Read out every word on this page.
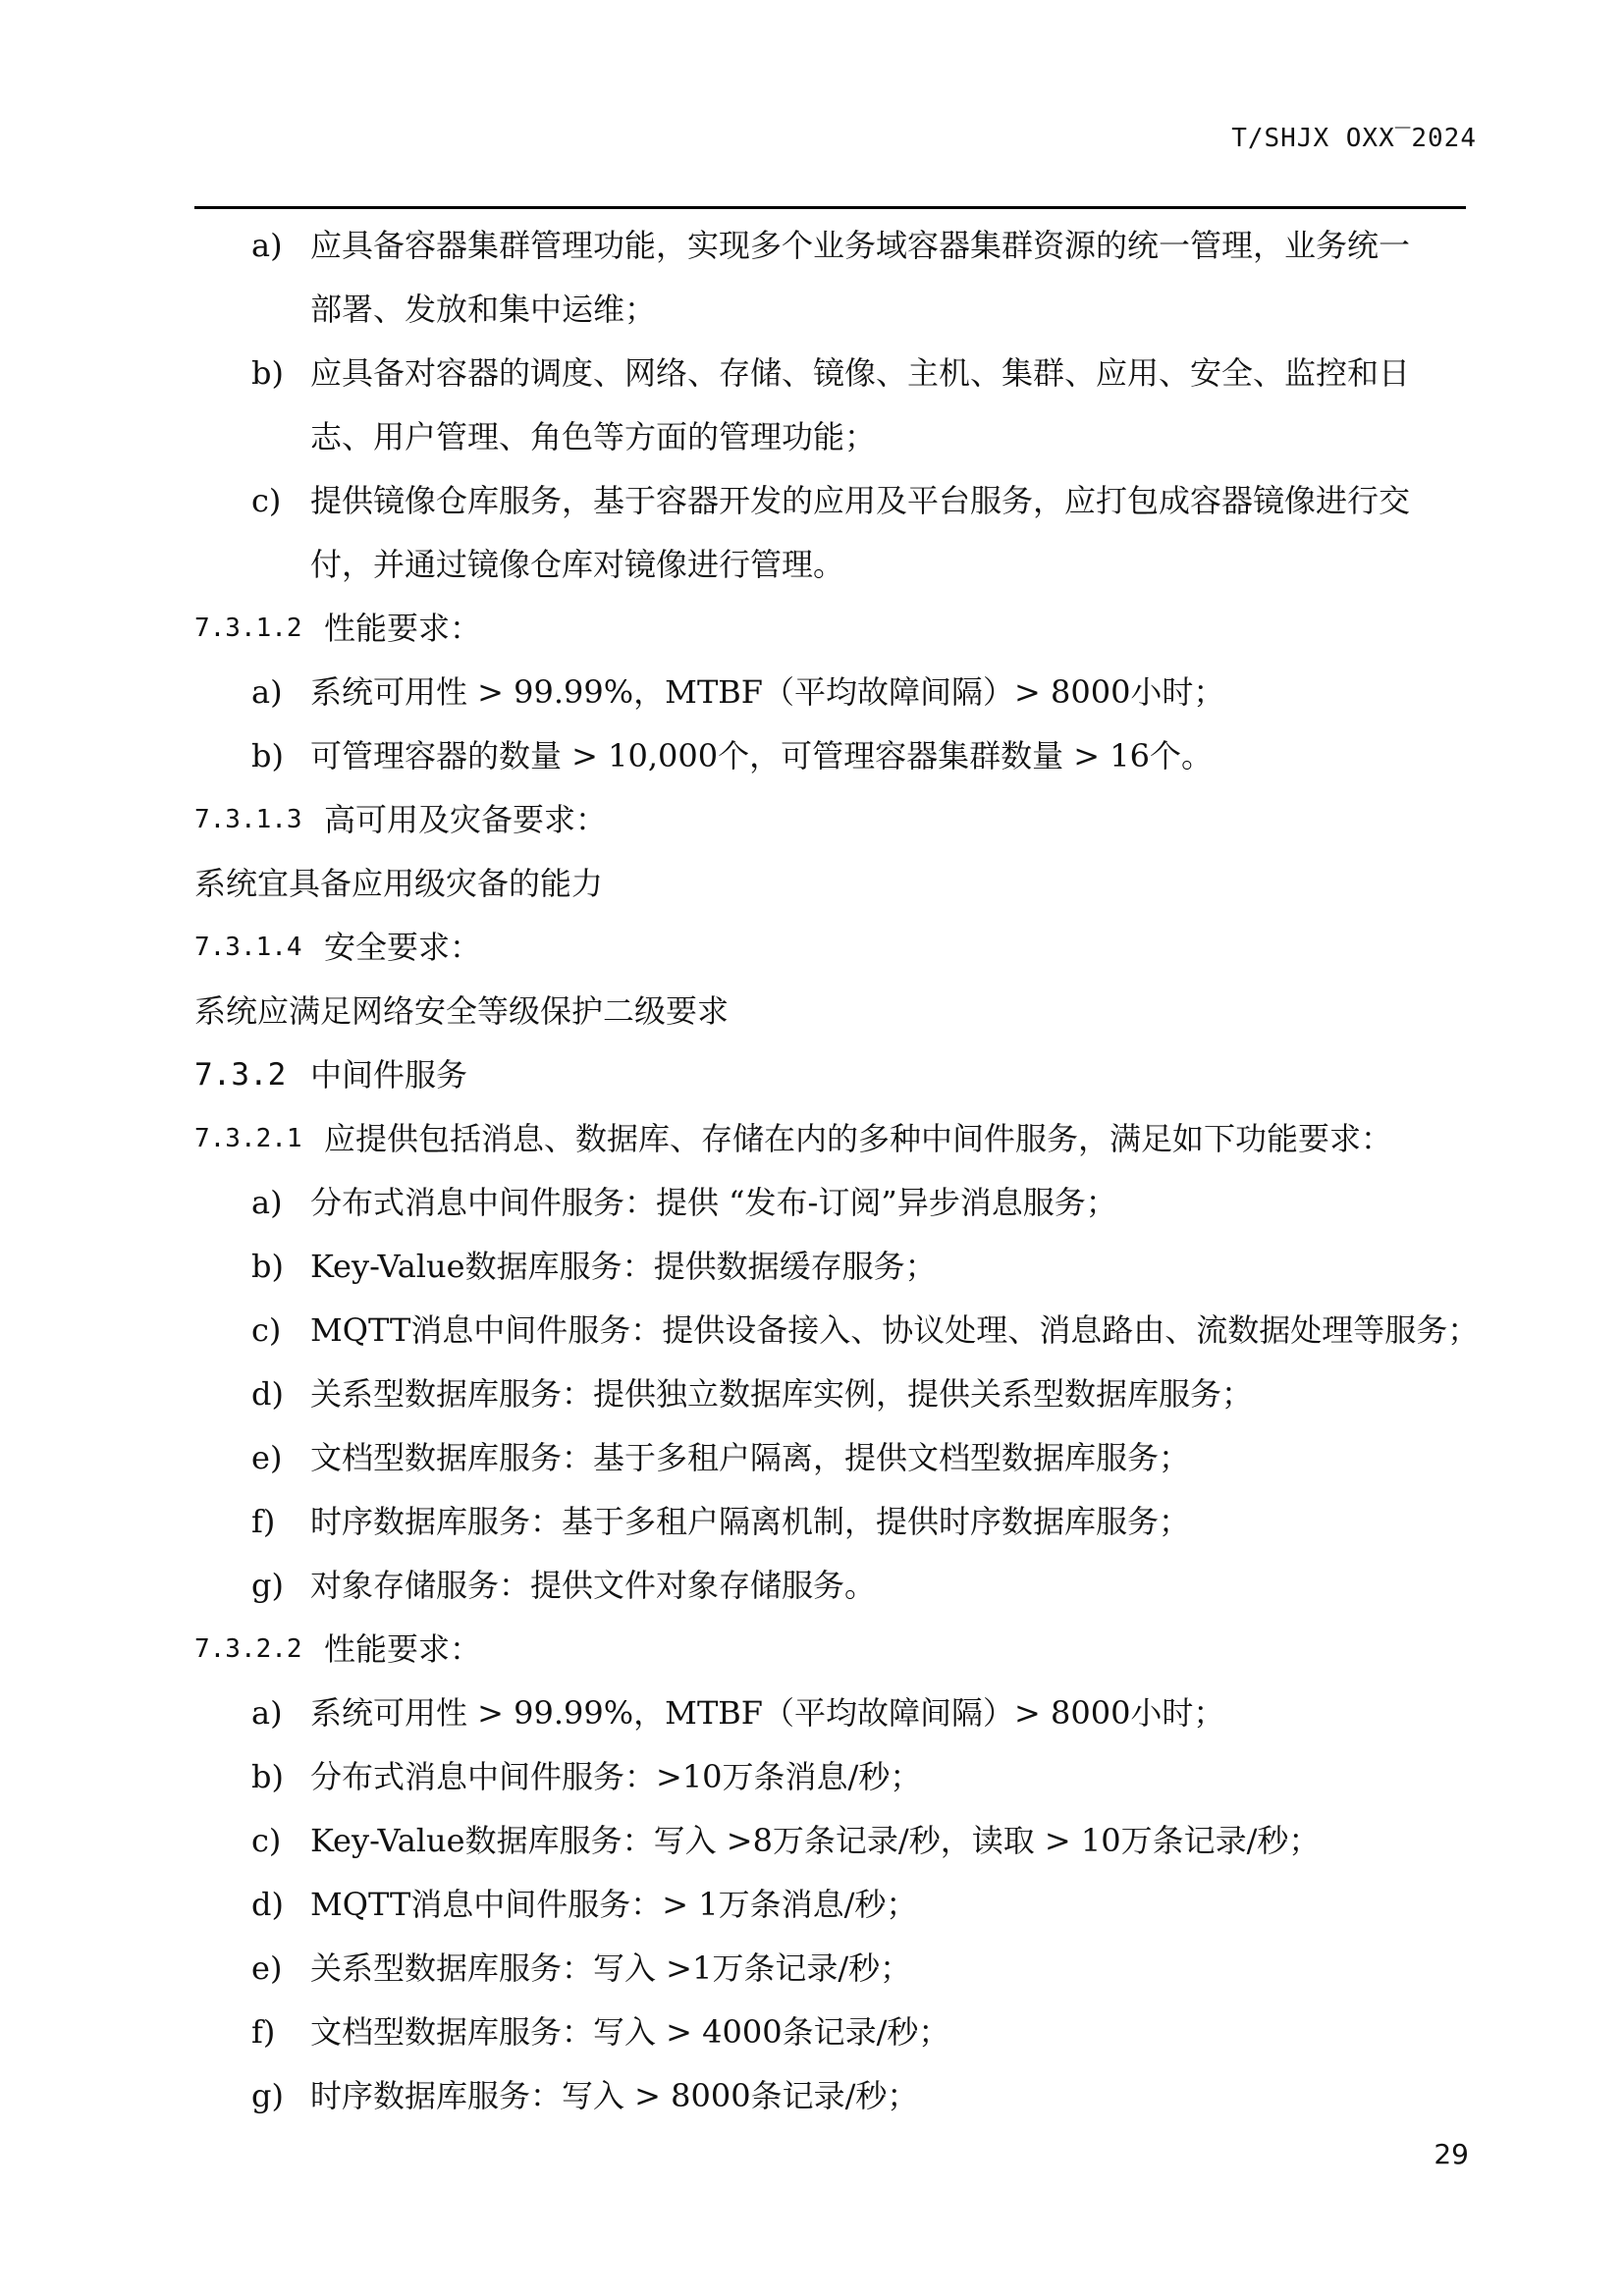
T/SHJX OXX‾2024
a) 应具备容器集群管理功能，实现多个业务域容器集群资源的统一管理，业务统一
部署、发放和集中运维；
b) 应具备对容器的调度、网络、存储、镜像、主机、集群、应用、安全、监控和日
志、用户管理、角色等方面的管理功能；
c) 提供镜像仓库服务，基于容器开发的应用及平台服务，应打包成容器镜像进行交
付，并通过镜像仓库对镜像进行管理。
7.3.1.2 性能要求：
a) 系统可用性 > 99.99%，MTBF（平均故障间隔）> 8000小时；
b) 可管理容器的数量 > 10,000个，可管理容器集群数量 > 16个。
7.3.1.3 高可用及灾备要求：
系统宜具备应用级灾备的能力
7.3.1.4 安全要求：
系统应满足网络安全等级保护二级要求
7.3.2 中间件服务
7.3.2.1 应提供包括消息、数据库、存储在内的多种中间件服务，满足如下功能要求：
a) 分布式消息中间件服务：提供 “发布-订阅”异步消息服务；
b) Key-Value数据库服务：提供数据缓存服务；
c) MQTT消息中间件服务：提供设备接入、协议处理、消息路由、流数据处理等服务；
d) 关系型数据库服务：提供独立数据库实例，提供关系型数据库服务；
e) 文档型数据库服务：基于多租户隔离，提供文档型数据库服务；
f) 时序数据库服务：基于多租户隔离机制，提供时序数据库服务；
g) 对象存储服务：提供文件对象存储服务。
7.3.2.2 性能要求：
a) 系统可用性 > 99.99%，MTBF（平均故障间隔）> 8000小时；
b) 分布式消息中间件服务：>10万条消息/秒；
c) Key-Value数据库服务：写入 >8万条记录/秒，读取 > 10万条记录/秒；
d) MQTT消息中间件服务：> 1万条消息/秒；
e) 关系型数据库服务：写入 >1万条记录/秒；
f) 文档型数据库服务：写入 > 4000条记录/秒；
g) 时序数据库服务：写入 > 8000条记录/秒；
29
